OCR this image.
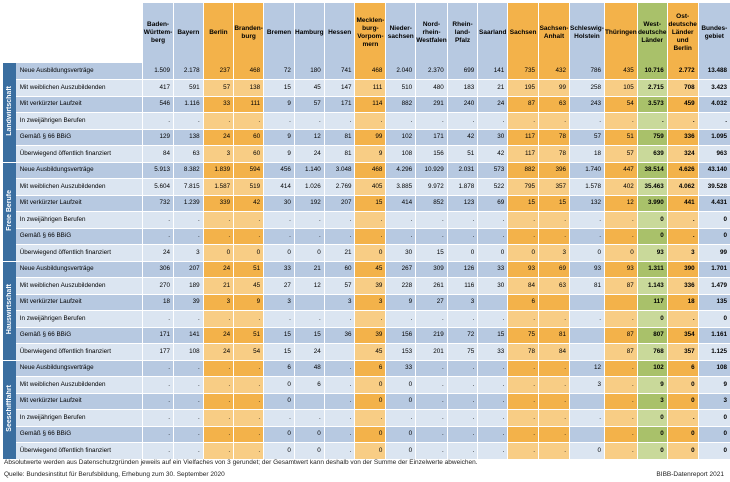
		Baden-
Württem-
berg	Bayern	Berlin	Branden-
burg	Bremen	Hamburg	Hessen	Mecklen-
burg-
Vorpom-
mern	Nieder-
sachsen	Nord-
rhein-
Westfalen	Rhein-
land-
Pfalz	Saarland	Sachsen	Sachsen-
Anhalt	Schleswig-
Holstein	Thüringen	West-
deutsche
Länder	Ost-
deutsche
Länder
und Berlin	Bundes-
gebiet
Landwirtschaft	Neue Ausbildungsverträge	1.509	2.178	237	468	72	180	741	468	2.040	2.370	699	141	735	432	786	435	10.716	2.772	13.488
	Mit weiblichen Auszubildenden	417	591	57	138	15	45	147	111	510	480	183	21	195	99	258	105	2.715	708	3.423
	Mit verkürzter Laufzeit	546	1.116	33	111	9	57	171	114	882	291	240	24	87	63	243	54	3.573	459	4.032
	In zweijährigen Berufen	.	.	.	.	.	.	.	.	.	.	.	.	.	.	.	.	.	.	.
	Gemäß § 66 BBiG	129	138	24	60	9	12	81	99	102	171	42	30	117	78	57	51	759	336	1.095
	Überwiegend öffentlich finanziert	84	63	3	60	9	24	81	9	108	156	51	42	117	78	18	57	639	324	963
Freie Berufe	Neue Ausbildungsverträge	5.913	8.382	1.839	594	456	1.140	3.048	468	4.296	10.929	2.031	573	882	396	1.740	447	38.514	4.626	43.140
	Mit weiblichen Auszubildenden	5.604	7.815	1.587	519	414	1.026	2.769	405	3.885	9.972	1.878	522	795	357	1.578	402	35.463	4.062	39.528
	Mit verkürzter Laufzeit	732	1.239	339	42	30	192	207	15	414	852	123	69	15	15	132	12	3.990	441	4.431
	In zweijährigen Berufen	.	.	.	.	.	.	.	.	.	.	.	.	.	.	.	.	0	.	0
	Gemäß § 66 BBiG	.	.	.	.	.	.	.	.	.	.	.	.	.	.	.	.	0	.	0
	Überwiegend öffentlich finanziert	24	3	0	0	0	0	21	0	30	15	0	0	0	3	0	0	93	3	99
Hauswirtschaft	Neue Ausbildungsverträge	306	207	24	51	33	21	60	45	267	309	126	33	93	69	93	93	1.311	390	1.701
	Mit weiblichen Auszubildenden	270	189	21	45	27	12	57	39	228	261	116	30	84	63	81	87	1.143	336	1.479
	Mit verkürzter Laufzeit	18	39	3	9	3		3	3	9	27	3		6				117	18	135
	In zweijährigen Berufen	.	.	.	.	.	.	.	.	.	.	.	.	.	.	.	.	0	.	0
	Gemäß § 66 BBiG	171	141	24	51	15	15	36	39	156	219	72	15	75	81		87	807	354	1.161
	Überwiegend öffentlich finanziert	177	108	24	54	15	24		45	153	201	75	33	78	84		87	768	357	1.125
Seeschifffahrt	Neue Ausbildungsverträge	.	.	.	.	6	48	.	6	33	.	.	.	.	.	12	.	102	6	108
	Mit weiblichen Auszubildenden	.	.	.	.	0	6	.	0	0	.	.	.	.	.	3	.	9	0	9
	Mit verkürzter Laufzeit	.	.	.	.	0		.	0	0	.	.	.	.	.		.	3	0	3
	In zweijährigen Berufen	.	.	.	.	.	.	.	.	.	.	.	.	.	.	.	.	0	.	0
	Gemäß § 66 BBiG	.	.	.	.	0	0	.	0	0	.	.	.	.	.		.	0	0	0
	Überwiegend öffentlich finanziert	.	.	.	.	0	0	.	0	0	.	.	.	.	.	0	.	0	0	0
Absolutwerte werden aus Datenschutzgründen jeweils auf ein Vielfaches von 3 gerundet; der Gesamtwert kann deshalb von der Summe der Einzelwerte abweichen.
Quelle: Bundesinstitut für Berufsbildung, Erhebung zum 30. September 2020	BIBB-Datenreport 2021
